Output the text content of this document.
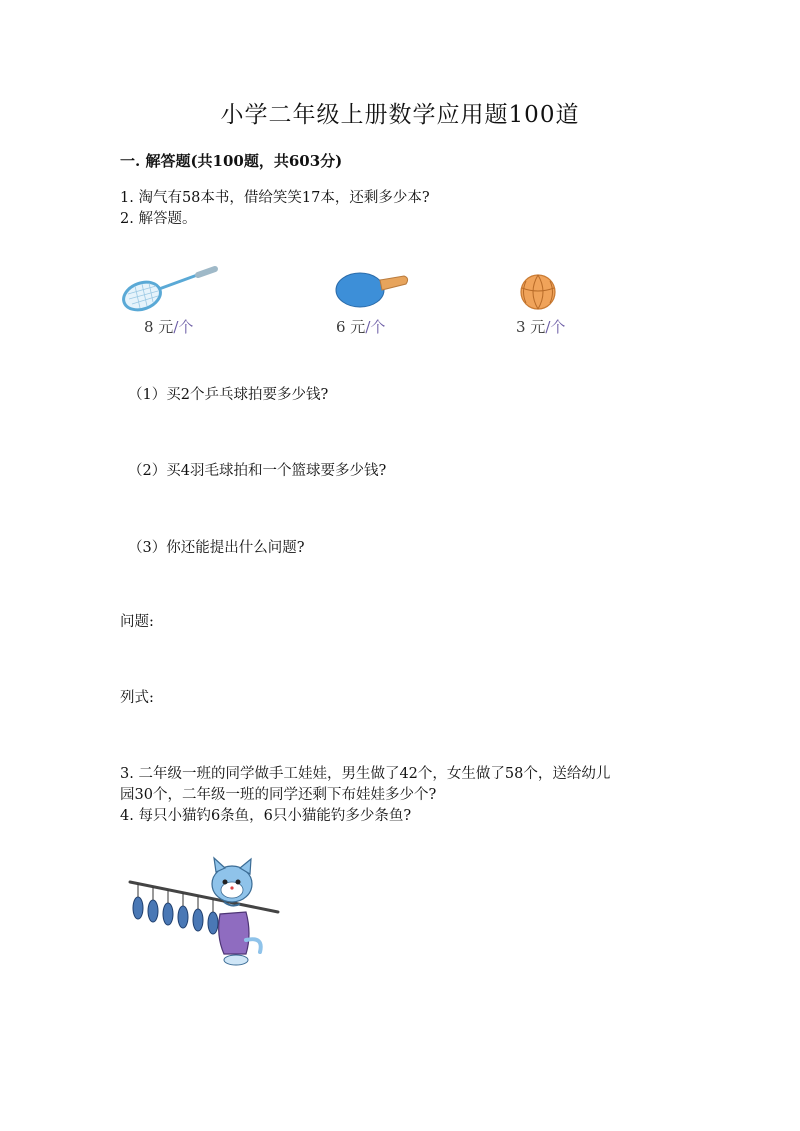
小学二年级上册数学应用题100道
一. 解答题(共100题，共603分)
1. 淘气有58本书，借给笑笑17本，还剩多少本?
2. 解答题。
8 元/个	6 元/个	3 元/个
（1）买2个乒乓球拍要多少钱?
（2）买4羽毛球拍和一个篮球要多少钱?
（3）你还能提出什么问题?
问题:
列式:
3. 二年级一班的同学做手工娃娃，男生做了42个，女生做了58个，送给幼儿
园30个，二年级一班的同学还剩下布娃娃多少个?
4. 每只小猫钓6条鱼，6只小猫能钓多少条鱼?
